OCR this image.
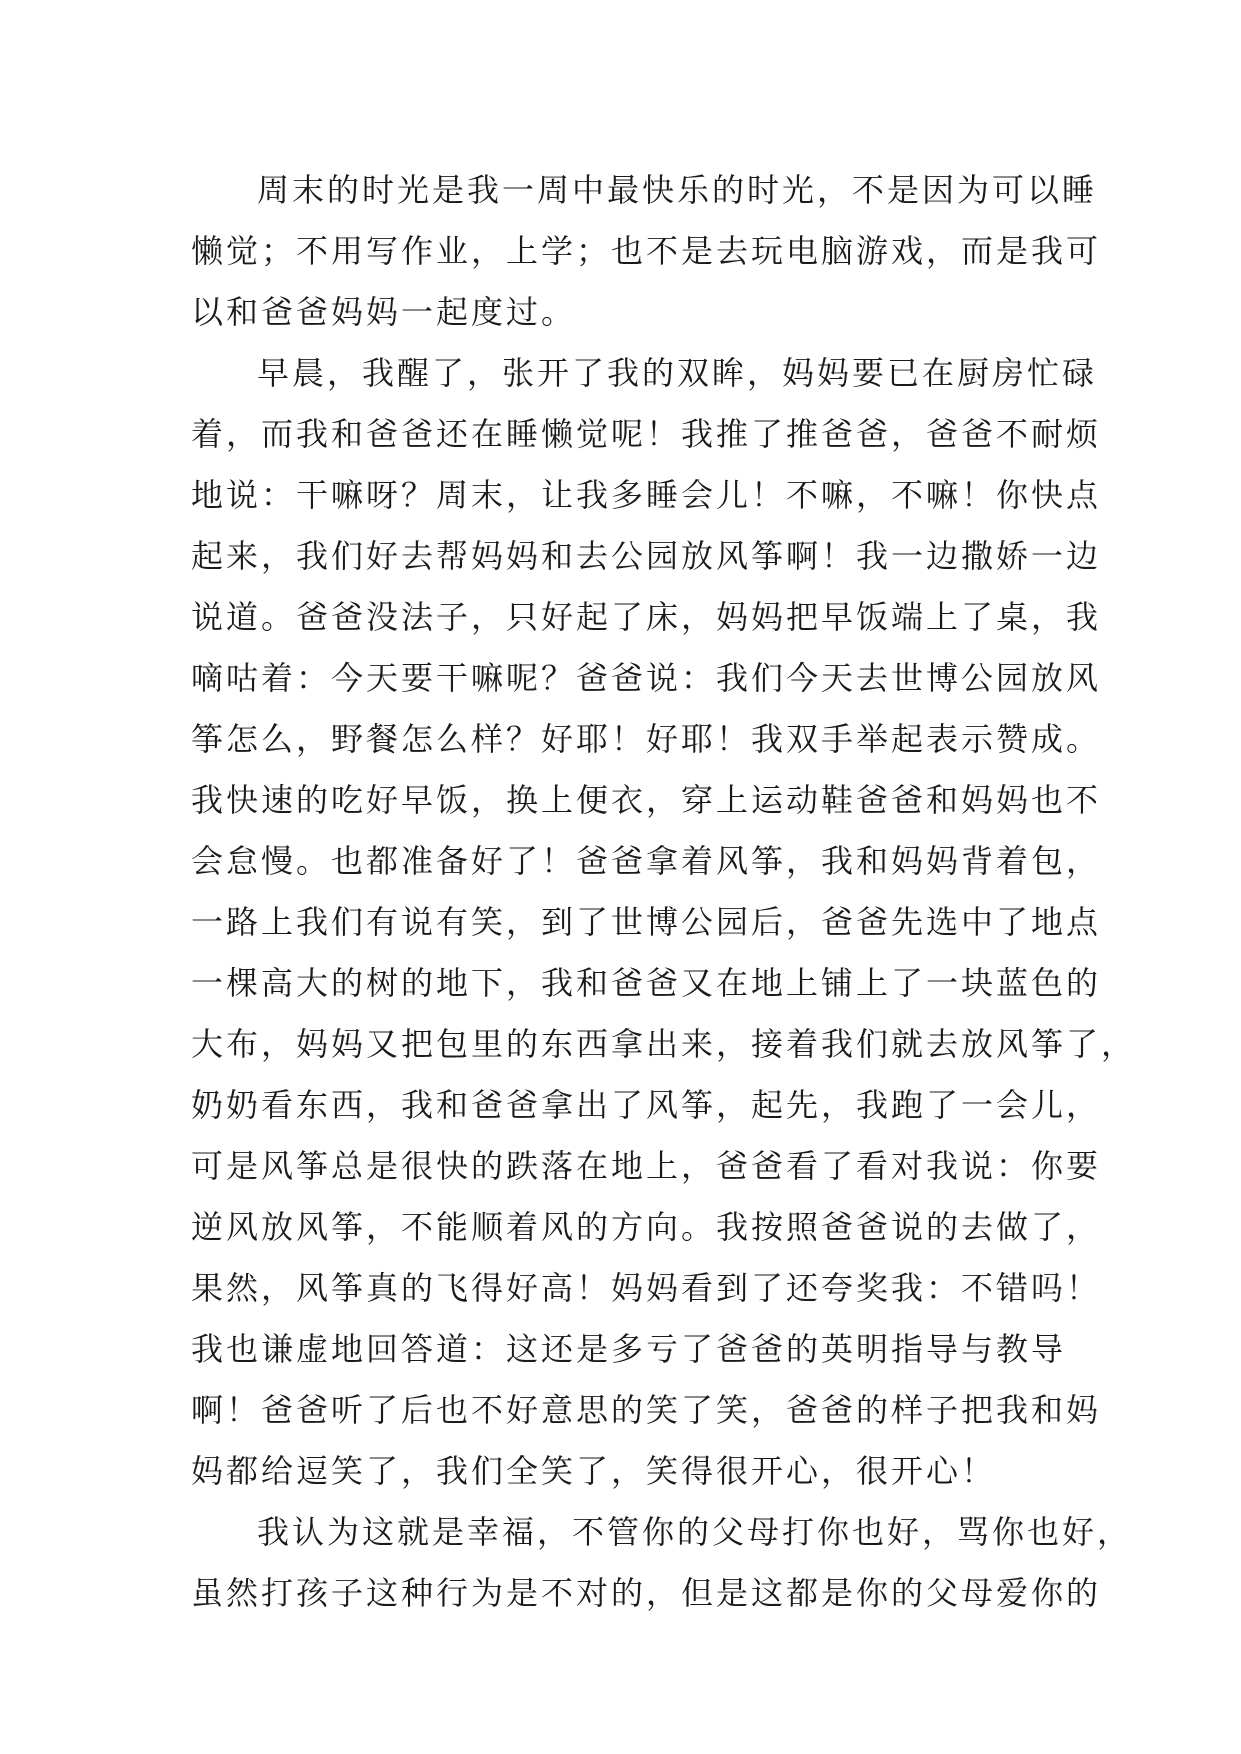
周末的时光是我一周中最快乐的时光，不是因为可以睡
懒觉；不用写作业，上学；也不是去玩电脑游戏，而是我可
以和爸爸妈妈一起度过。
早晨，我醒了，张开了我的双眸，妈妈要已在厨房忙碌
着，而我和爸爸还在睡懒觉呢！我推了推爸爸，爸爸不耐烦
地说：干嘛呀？周末，让我多睡会儿！不嘛，不嘛！你快点
起来，我们好去帮妈妈和去公园放风筝啊！我一边撒娇一边
说道。爸爸没法子，只好起了床，妈妈把早饭端上了桌，我
嘀咕着：今天要干嘛呢？爸爸说：我们今天去世博公园放风
筝怎么，野餐怎么样？好耶！好耶！我双手举起表示赞成。
我快速的吃好早饭，换上便衣，穿上运动鞋爸爸和妈妈也不
会怠慢。也都准备好了！爸爸拿着风筝，我和妈妈背着包，
一路上我们有说有笑，到了世博公园后，爸爸先选中了地点
一棵高大的树的地下，我和爸爸又在地上铺上了一块蓝色的
大布，妈妈又把包里的东西拿出来，接着我们就去放风筝了，
奶奶看东西，我和爸爸拿出了风筝，起先，我跑了一会儿，
可是风筝总是很快的跌落在地上，爸爸看了看对我说：你要
逆风放风筝，不能顺着风的方向。我按照爸爸说的去做了，
果然，风筝真的飞得好高！妈妈看到了还夸奖我：不错吗！
我也谦虚地回答道：这还是多亏了爸爸的英明指导与教导
啊！爸爸听了后也不好意思的笑了笑，爸爸的样子把我和妈
妈都给逗笑了，我们全笑了，笑得很开心，很开心！
我认为这就是幸福，不管你的父母打你也好，骂你也好，
虽然打孩子这种行为是不对的，但是这都是你的父母爱你的
